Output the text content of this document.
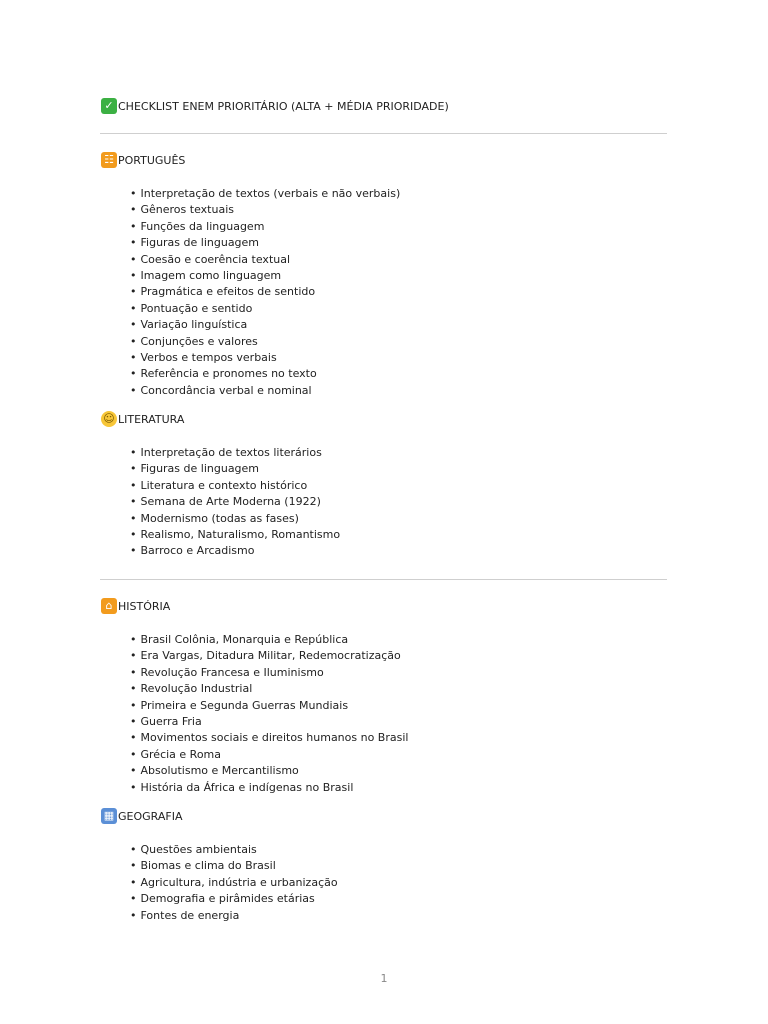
✓ CHECKLIST ENEM PRIORITÁRIO (ALTA + MÉDIA PRIORIDADE)
☷ PORTUGUÊS
• Interpretação de textos (verbais e não verbais)
• Gêneros textuais
• Funções da linguagem
• Figuras de linguagem
• Coesão e coerência textual
• Imagem como linguagem
• Pragmática e efeitos de sentido
• Pontuação e sentido
• Variação linguística
• Conjunções e valores
• Verbos e tempos verbais
• Referência e pronomes no texto
• Concordância verbal e nominal
☺ LITERATURA
• Interpretação de textos literários
• Figuras de linguagem
• Literatura e contexto histórico
• Semana de Arte Moderna (1922)
• Modernismo (todas as fases)
• Realismo, Naturalismo, Romantismo
• Barroco e Arcadismo
⌂ HISTÓRIA
• Brasil Colônia, Monarquia e República
• Era Vargas, Ditadura Militar, Redemocratização
• Revolução Francesa e Iluminismo
• Revolução Industrial
• Primeira e Segunda Guerras Mundiais
• Guerra Fria
• Movimentos sociais e direitos humanos no Brasil
• Grécia e Roma
• Absolutismo e Mercantilismo
• História da África e indígenas no Brasil
▦ GEOGRAFIA
• Questões ambientais
• Biomas e clima do Brasil
• Agricultura, indústria e urbanização
• Demografia e pirâmides etárias
• Fontes de energia
1
